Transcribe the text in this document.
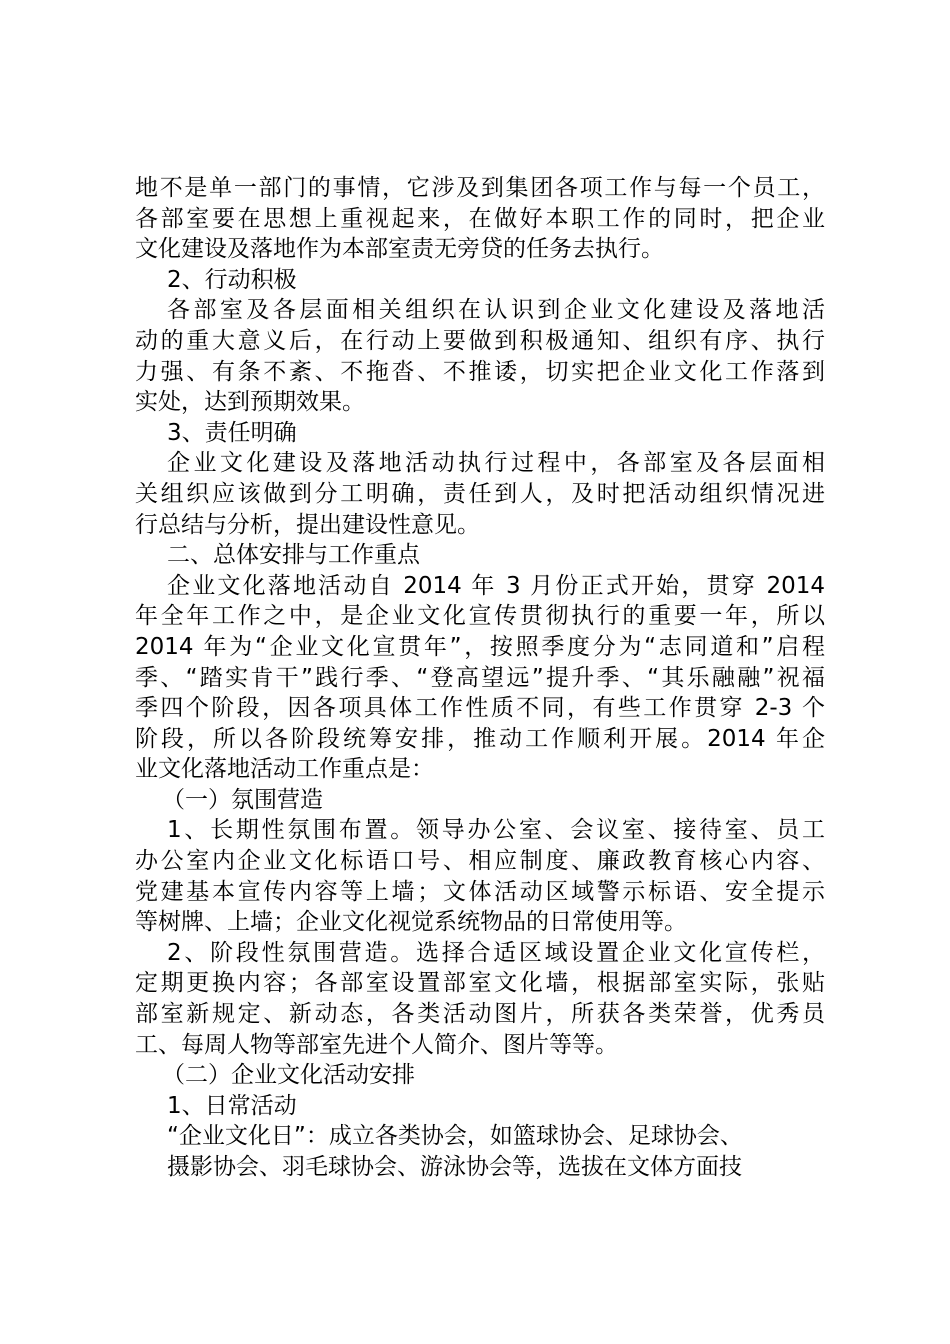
地不是单一部门的事情，它涉及到集团各项工作与每一个员工，
各部室要在思想上重视起来，在做好本职工作的同时，把企业
文化建设及落地作为本部室责无旁贷的任务去执行。
2、行动积极
各部室及各层面相关组织在认识到企业文化建设及落地活
动的重大意义后，在行动上要做到积极通知、组织有序、执行
力强、有条不紊、不拖沓、不推诿，切实把企业文化工作落到
实处，达到预期效果。
3、责任明确
企业文化建设及落地活动执行过程中，各部室及各层面相
关组织应该做到分工明确，责任到人，及时把活动组织情况进
行总结与分析，提出建设性意见。
二、总体安排与工作重点
企业文化落地活动自 2014 年 3 月份正式开始，贯穿 2014
年全年工作之中，是企业文化宣传贯彻执行的重要一年，所以
2014 年为“企业文化宣贯年”，按照季度分为“志同道和”启程
季、“踏实肯干”践行季、“登高望远”提升季、“其乐融融”祝福
季四个阶段，因各项具体工作性质不同，有些工作贯穿 2-3 个
阶段，所以各阶段统筹安排，推动工作顺利开展。2014 年企
业文化落地活动工作重点是：
（一）氛围营造
1、长期性氛围布置。领导办公室、会议室、接待室、员工
办公室内企业文化标语口号、相应制度、廉政教育核心内容、
党建基本宣传内容等上墙；文体活动区域警示标语、安全提示
等树牌、上墙；企业文化视觉系统物品的日常使用等。
2、阶段性氛围营造。选择合适区域设置企业文化宣传栏，
定期更换内容；各部室设置部室文化墙，根据部室实际，张贴
部室新规定、新动态，各类活动图片，所获各类荣誉，优秀员
工、每周人物等部室先进个人简介、图片等等。
（二）企业文化活动安排
1、日常活动
“企业文化日”：成立各类协会，如篮球协会、足球协会、
摄影协会、羽毛球协会、游泳协会等，选拔在文体方面技
